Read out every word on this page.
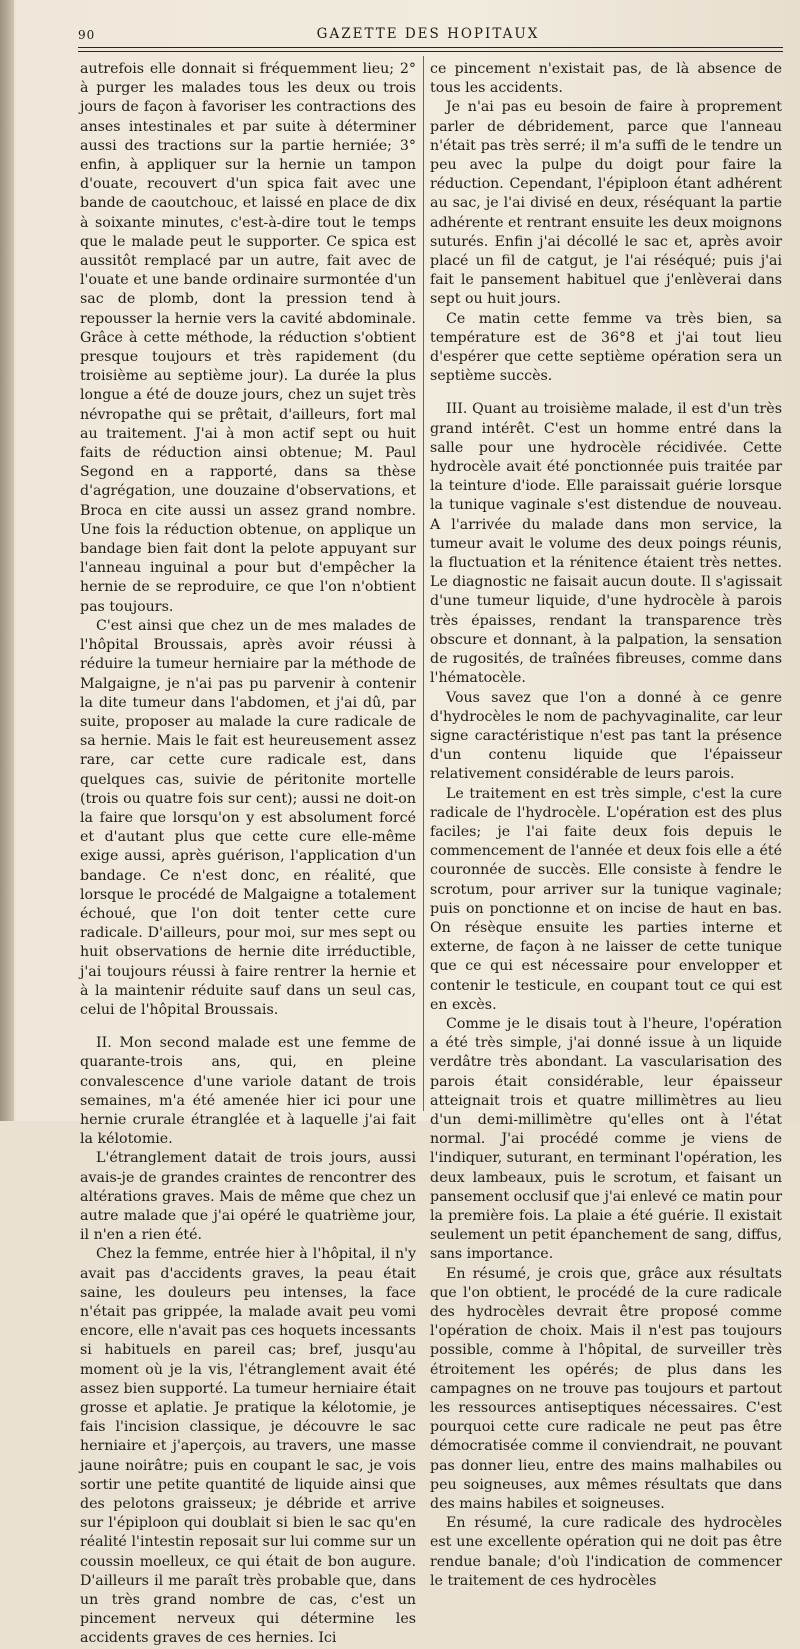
90	GAZETTE DES HOPITAUX

autrefois elle donnait si fréquemment lieu; 2° à purger les malades tous les deux ou trois jours de façon à favoriser les contractions des anses intestinales et par suite à déterminer aussi des tractions sur la partie herniée; 3° enfin, à appliquer sur la hernie un tampon d'ouate, recouvert d'un spica fait avec une bande de caoutchouc, et laissé en place de dix à soixante minutes, c'est-à-dire tout le temps que le malade peut le supporter. Ce spica est aussitôt remplacé par un autre, fait avec de l'ouate et une bande ordinaire surmontée d'un sac de plomb, dont la pression tend à repousser la hernie vers la cavité abdominale. Grâce à cette méthode, la réduction s'obtient presque toujours et très rapidement (du troisième au septième jour). La durée la plus longue a été de douze jours, chez un sujet très névropathe qui se prêtait, d'ailleurs, fort mal au traitement. J'ai à mon actif sept ou huit faits de réduction ainsi obtenue; M. Paul Segond en a rapporté, dans sa thèse d'agrégation, une douzaine d'observations, et Broca en cite aussi un assez grand nombre. Une fois la réduction obtenue, on applique un bandage bien fait dont la pelote appuyant sur l'anneau inguinal a pour but d'empêcher la hernie de se reproduire, ce que l'on n'obtient pas toujours.

C'est ainsi que chez un de mes malades de l'hôpital Broussais, après avoir réussi à réduire la tumeur herniaire par la méthode de Malgaigne, je n'ai pas pu parvenir à contenir la dite tumeur dans l'abdomen, et j'ai dû, par suite, proposer au malade la cure radicale de sa hernie. Mais le fait est heureusement assez rare, car cette cure radicale est, dans quelques cas, suivie de péritonite mortelle (trois ou quatre fois sur cent); aussi ne doit-on la faire que lorsqu'on y est absolument forcé et d'autant plus que cette cure elle-même exige aussi, après guérison, l'application d'un bandage. Ce n'est donc, en réalité, que lorsque le procédé de Malgaigne a totalement échoué, que l'on doit tenter cette cure radicale. D'ailleurs, pour moi, sur mes sept ou huit observations de hernie dite irréductible, j'ai toujours réussi à faire rentrer la hernie et à la maintenir réduite sauf dans un seul cas, celui de l'hôpital Broussais.

II. Mon second malade est une femme de quarante-trois ans, qui, en pleine convalescence d'une variole datant de trois semaines, m'a été amenée hier ici pour une hernie crurale étranglée et à laquelle j'ai fait la kélotomie.

L'étranglement datait de trois jours, aussi avais-je de grandes craintes de rencontrer des altérations graves. Mais de même que chez un autre malade que j'ai opéré le quatrième jour, il n'en a rien été.

Chez la femme, entrée hier à l'hôpital, il n'y avait pas d'accidents graves, la peau était saine, les douleurs peu intenses, la face n'était pas grippée, la malade avait peu vomi encore, elle n'avait pas ces hoquets incessants si habituels en pareil cas; bref, jusqu'au moment où je la vis, l'étranglement avait été assez bien supporté. La tumeur herniaire était grosse et aplatie. Je pratique la kélotomie, je fais l'incision classique, je découvre le sac herniaire et j'aperçois, au travers, une masse jaune noirâtre; puis en coupant le sac, je vois sortir une petite quantité de liquide ainsi que des pelotons graisseux; je débride et arrive sur l'épiploon qui doublait si bien le sac qu'en réalité l'intestin reposait sur lui comme sur un coussin moelleux, ce qui était de bon augure. D'ailleurs il me paraît très probable que, dans un très grand nombre de cas, c'est un pincement nerveux qui détermine les accidents graves de ces hernies. Ici

ce pincement n'existait pas, de là absence de tous les accidents.

Je n'ai pas eu besoin de faire à proprement parler de débridement, parce que l'anneau n'était pas très serré; il m'a suffi de le tendre un peu avec la pulpe du doigt pour faire la réduction. Cependant, l'épiploon étant adhérent au sac, je l'ai divisé en deux, réséquant la partie adhérente et rentrant ensuite les deux moignons suturés. Enfin j'ai décollé le sac et, après avoir placé un fil de catgut, je l'ai réséqué; puis j'ai fait le pansement habituel que j'enlèverai dans sept ou huit jours.

Ce matin cette femme va très bien, sa température est de 36°8 et j'ai tout lieu d'espérer que cette septième opération sera un septième succès.

III. Quant au troisième malade, il est d'un très grand intérêt. C'est un homme entré dans la salle pour une hydrocèle récidivée. Cette hydrocèle avait été ponctionnée puis traitée par la teinture d'iode. Elle paraissait guérie lorsque la tunique vaginale s'est distendue de nouveau. A l'arrivée du malade dans mon service, la tumeur avait le volume des deux poings réunis, la fluctuation et la rénitence étaient très nettes. Le diagnostic ne faisait aucun doute. Il s'agissait d'une tumeur liquide, d'une hydrocèle à parois très épaisses, rendant la transparence très obscure et donnant, à la palpation, la sensation de rugosités, de traînées fibreuses, comme dans l'hématocèle.

Vous savez que l'on a donné à ce genre d'hydrocèles le nom de pachyvaginalite, car leur signe caractéristique n'est pas tant la présence d'un contenu liquide que l'épaisseur relativement considérable de leurs parois.

Le traitement en est très simple, c'est la cure radicale de l'hydrocèle. L'opération est des plus faciles; je l'ai faite deux fois depuis le commencement de l'année et deux fois elle a été couronnée de succès. Elle consiste à fendre le scrotum, pour arriver sur la tunique vaginale; puis on ponctionne et on incise de haut en bas. On résèque ensuite les parties interne et externe, de façon à ne laisser de cette tunique que ce qui est nécessaire pour envelopper et contenir le testicule, en coupant tout ce qui est en excès.

Comme je le disais tout à l'heure, l'opération a été très simple, j'ai donné issue à un liquide verdâtre très abondant. La vascularisation des parois était considérable, leur épaisseur atteignait trois et quatre millimètres au lieu d'un demi-millimètre qu'elles ont à l'état normal. J'ai procédé comme je viens de l'indiquer, suturant, en terminant l'opération, les deux lambeaux, puis le scrotum, et faisant un pansement occlusif que j'ai enlevé ce matin pour la première fois. La plaie a été guérie. Il existait seulement un petit épanchement de sang, diffus, sans importance.

En résumé, je crois que, grâce aux résultats que l'on obtient, le procédé de la cure radicale des hydrocèles devrait être proposé comme l'opération de choix. Mais il n'est pas toujours possible, comme à l'hôpital, de surveiller très étroitement les opérés; de plus dans les campagnes on ne trouve pas toujours et partout les ressources antiseptiques nécessaires. C'est pourquoi cette cure radicale ne peut pas être démocratisée comme il conviendrait, ne pouvant pas donner lieu, entre des mains malhabiles ou peu soigneuses, aux mêmes résultats que dans des mains habiles et soigneuses.

En résumé, la cure radicale des hydrocèles est une excellente opération qui ne doit pas être rendue banale; d'où l'indication de commencer le traitement de ces hydrocèles
